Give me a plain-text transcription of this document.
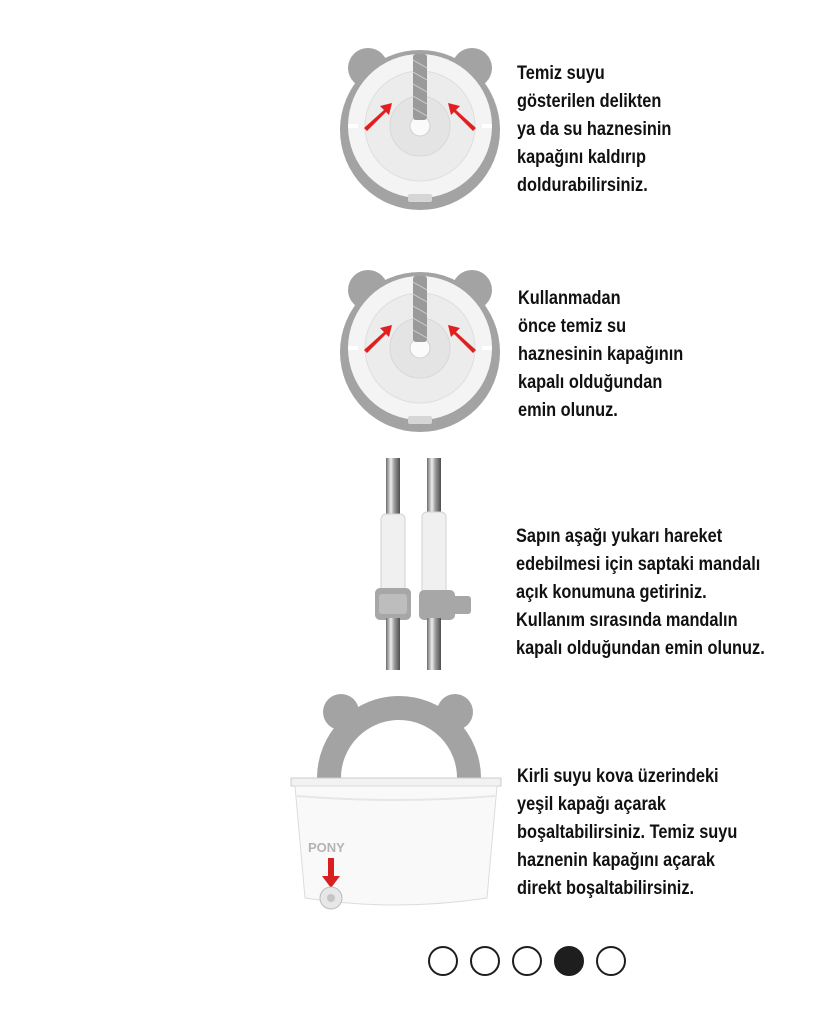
Temiz suyu
gösterilen delikten
ya da su haznesinin
kapağını kaldırıp
doldurabilirsiniz.
Kullanmadan
önce temiz su
haznesinin kapağının
kapalı olduğundan
emin olunuz.
Sapın aşağı yukarı hareket
edebilmesi için saptaki mandalı
açık konumuna getiriniz.
Kullanım sırasında mandalın
kapalı olduğundan emin olunuz.
PONY
Kirli suyu kova üzerindeki
yeşil kapağı açarak
boşaltabilirsiniz. Temiz suyu
haznenin kapağını açarak
direkt boşaltabilirsiniz.
